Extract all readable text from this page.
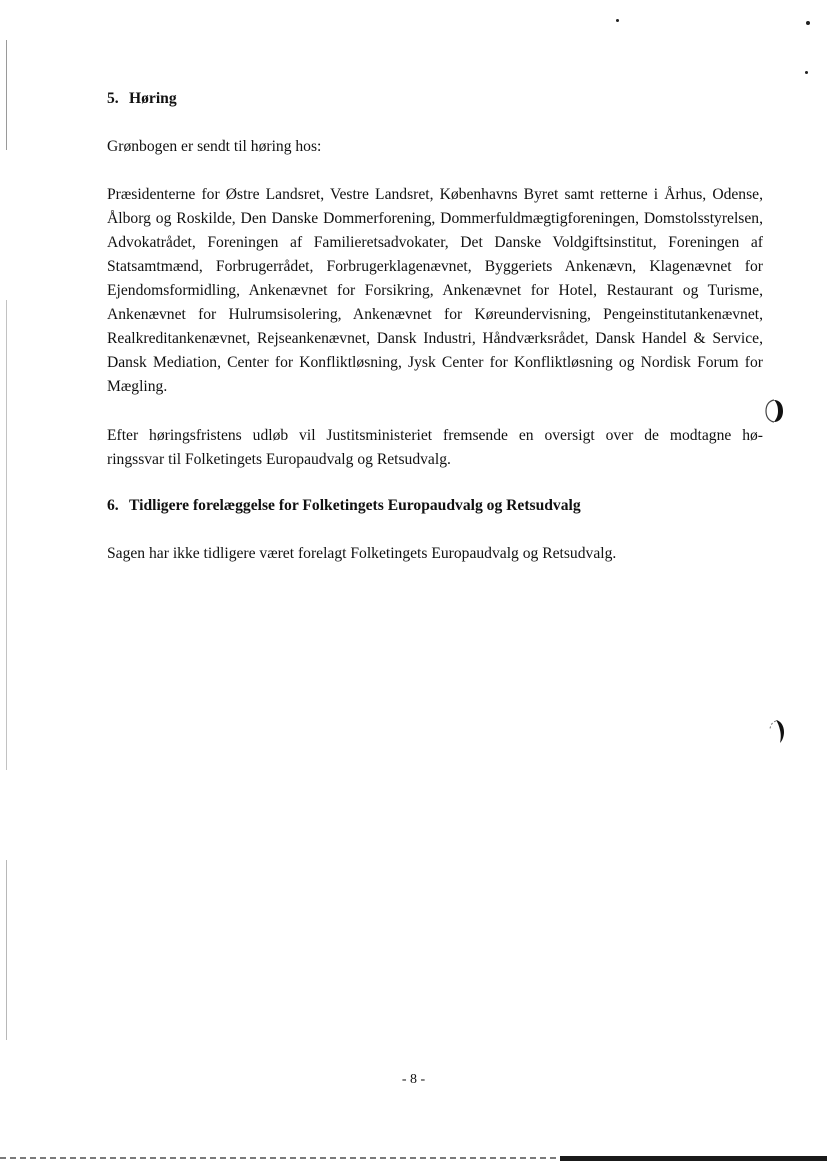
5. Høring
Grønbogen er sendt til høring hos:
Præsidenterne for Østre Landsret, Vestre Landsret, Københavns Byret samt retterne i Århus, Odense, Ålborg og Roskilde, Den Danske Dommerforening, Dommerfuldmægtigforeningen, Domstolsstyrelsen, Advokatrådet, Foreningen af Familieretsadvokater, Det Danske Voldgiftsinstitut, Foreningen af Statsamtmænd, Forbrugerrådet, Forbrugerklagenævnet, Byggeriets Ankenævn, Klagenævnet for Ejendomsformidling, Ankenævnet for Forsikring, Ankenævnet for Hotel, Restaurant og Turisme, Ankenævnet for Hulrumsisolering, Ankenævnet for Køreundervisning, Pengeinstitutankenævnet, Realkreditankenævnet, Rejseankenævnet, Dansk Industri, Håndværksrådet, Dansk Handel & Service, Dansk Mediation, Center for Konfliktløsning, Jysk Center for Konfliktløsning og Nordisk Forum for Mægling.
Efter høringsfristens udløb vil Justitsministeriet fremsende en oversigt over de modtagne hø-
ringssvar til Folketingets Europaudvalg og Retsudvalg.
6. Tidligere forelæggelse for Folketingets Europaudvalg og Retsudvalg
Sagen har ikke tidligere været forelagt Folketingets Europaudvalg og Retsudvalg.
- 8 -
